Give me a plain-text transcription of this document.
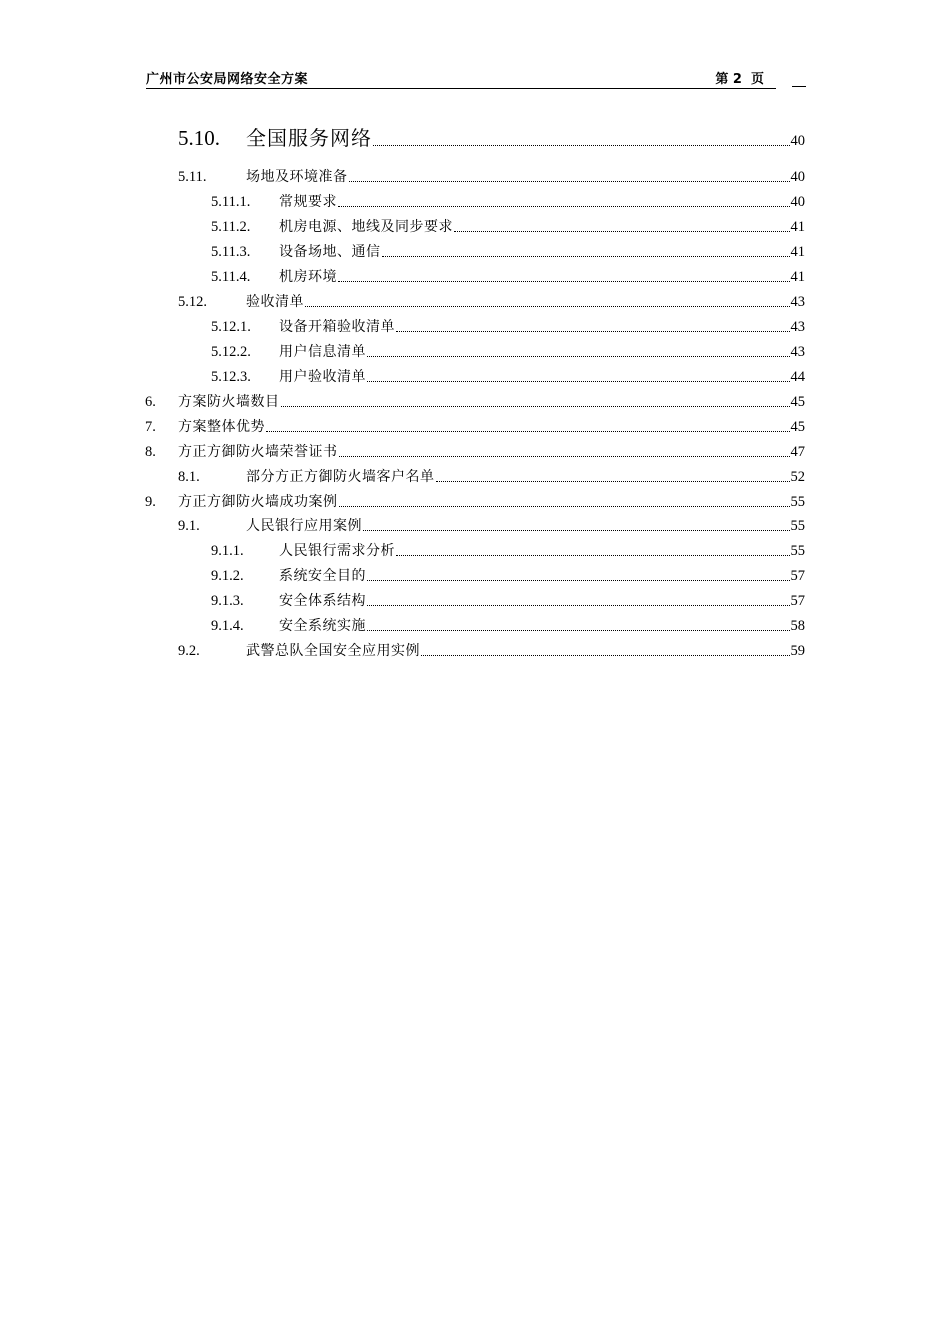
广州市公安局网络安全方案	第 2  页
5.10.	全国服务网络	40
5.11.	场地及环境准备	40
5.11.1.	常规要求	40
5.11.2.	机房电源、地线及同步要求	41
5.11.3.	设备场地、通信	41
5.11.4.	机房环境	41
5.12.	验收清单	43
5.12.1.	设备开箱验收清单	43
5.12.2.	用户信息清单	43
5.12.3.	用户验收清单	44
6.	方案防火墙数目	45
7.	方案整体优势	45
8.	方正方御防火墙荣誉证书	47
8.1.	部分方正方御防火墙客户名单	52
9.	方正方御防火墙成功案例	55
9.1.	人民银行应用案例	55
9.1.1.	人民银行需求分析	55
9.1.2.	系统安全目的	57
9.1.3.	安全体系结构	57
9.1.4.	安全系统实施	58
9.2.	武警总队全国安全应用实例	59
